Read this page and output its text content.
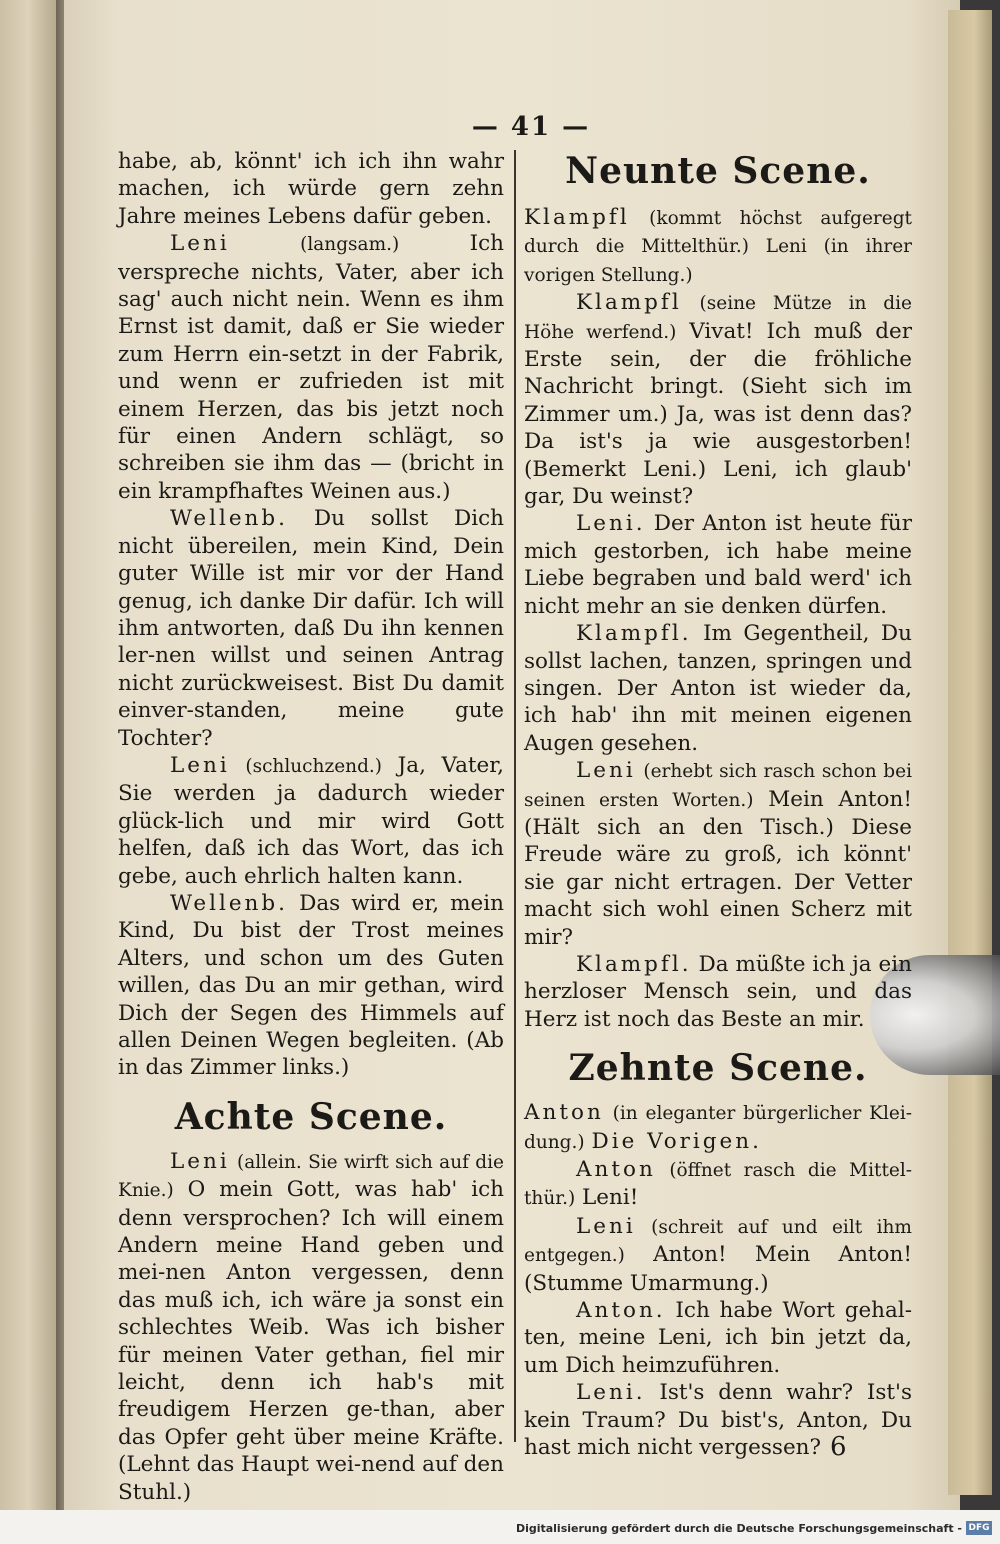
— 41 —

habe, ab, könnt' ich ich ihn wahr machen, ich würde gern zehn Jahre meines Lebens dafür geben.

Leni	(langsam.)	Ich verspreche nichts, Vater, aber ich sag' auch nicht nein. Wenn es ihm Ernst ist damit, daß er Sie wieder zum Herrn ein-setzt in der Fabrik, und wenn er zufrieden ist mit einem Herzen, das bis jetzt noch für einen Andern schlägt, so schreiben sie ihm das — (bricht in ein krampfhaftes Weinen aus.)

Wellenb. Du sollst Dich nicht übereilen, mein Kind, Dein guter Wille ist mir vor der Hand genug, ich danke Dir dafür. Ich will ihm antworten, daß Du ihn kennen ler-nen willst und seinen Antrag nicht zurückweisest. Bist Du damit einver-standen, meine gute Tochter?

Leni (schluchzend.) Ja, Vater, Sie werden ja dadurch wieder glück-lich und mir wird Gott helfen, daß ich das Wort, das ich gebe, auch ehrlich halten kann.

Wellenb. Das wird er, mein Kind, Du bist der Trost meines Alters, und schon um des Guten willen, das Du an mir gethan, wird Dich der Segen des Himmels auf allen Deinen Wegen begleiten. (Ab in das Zimmer links.)

Achte Scene.

Leni (allein. Sie wirft sich auf die Knie.) O mein Gott, was hab' ich denn versprochen? Ich will einem Andern meine Hand geben und mei-nen Anton vergessen, denn das muß ich, ich wäre ja sonst ein schlechtes Weib. Was ich bisher für meinen Vater gethan, fiel mir leicht, denn ich hab's mit freudigem Herzen ge-than, aber das Opfer geht über meine Kräfte. (Lehnt das Haupt wei-nend auf den Stuhl.)

Neunte Scene.

Klampfl (kommt höchst aufgeregt durch die Mittelthür.) Leni (in ihrer vorigen Stellung.)

Klampfl (seine Mütze in die Höhe werfend.) Vivat! Ich muß der Erste sein, der die fröhliche Nachricht bringt. (Sieht sich im Zimmer um.) Ja, was ist denn das? Da ist's ja wie ausgestorben! (Bemerkt Leni.) Leni, ich glaub' gar, Du weinst?

Leni. Der Anton ist heute für mich gestorben, ich habe meine Liebe begraben und bald werd' ich nicht mehr an sie denken dürfen.

Klampfl. Im Gegentheil, Du sollst lachen, tanzen, springen und singen. Der Anton ist wieder da, ich hab' ihn mit meinen eigenen Augen gesehen.

Leni (erhebt sich rasch schon bei seinen ersten Worten.) Mein Anton! (Hält sich an den Tisch.) Diese Freude wäre zu groß, ich könnt' sie gar nicht ertragen. Der Vetter macht sich wohl einen Scherz mit mir?

Klampfl. Da müßte ich ja ein herzloser Mensch sein, und das Herz ist noch das Beste an mir.

Zehnte Scene.

Anton (in eleganter bürgerlicher Klei-dung.) Die Vorigen.

Anton (öffnet rasch die Mittel-thür.) Leni!

Leni (schreit auf und eilt ihm entgegen.) Anton! Mein Anton! (Stumme Umarmung.)

Anton. Ich habe Wort gehal-ten, meine Leni, ich bin jetzt da, um Dich heimzuführen.

Leni. Ist's denn wahr? Ist's kein Traum? Du bist's, Anton, Du hast mich nicht vergessen? 6
Digitalisierung gefördert durch die Deutsche Forschungsgemeinschaft - DFG
